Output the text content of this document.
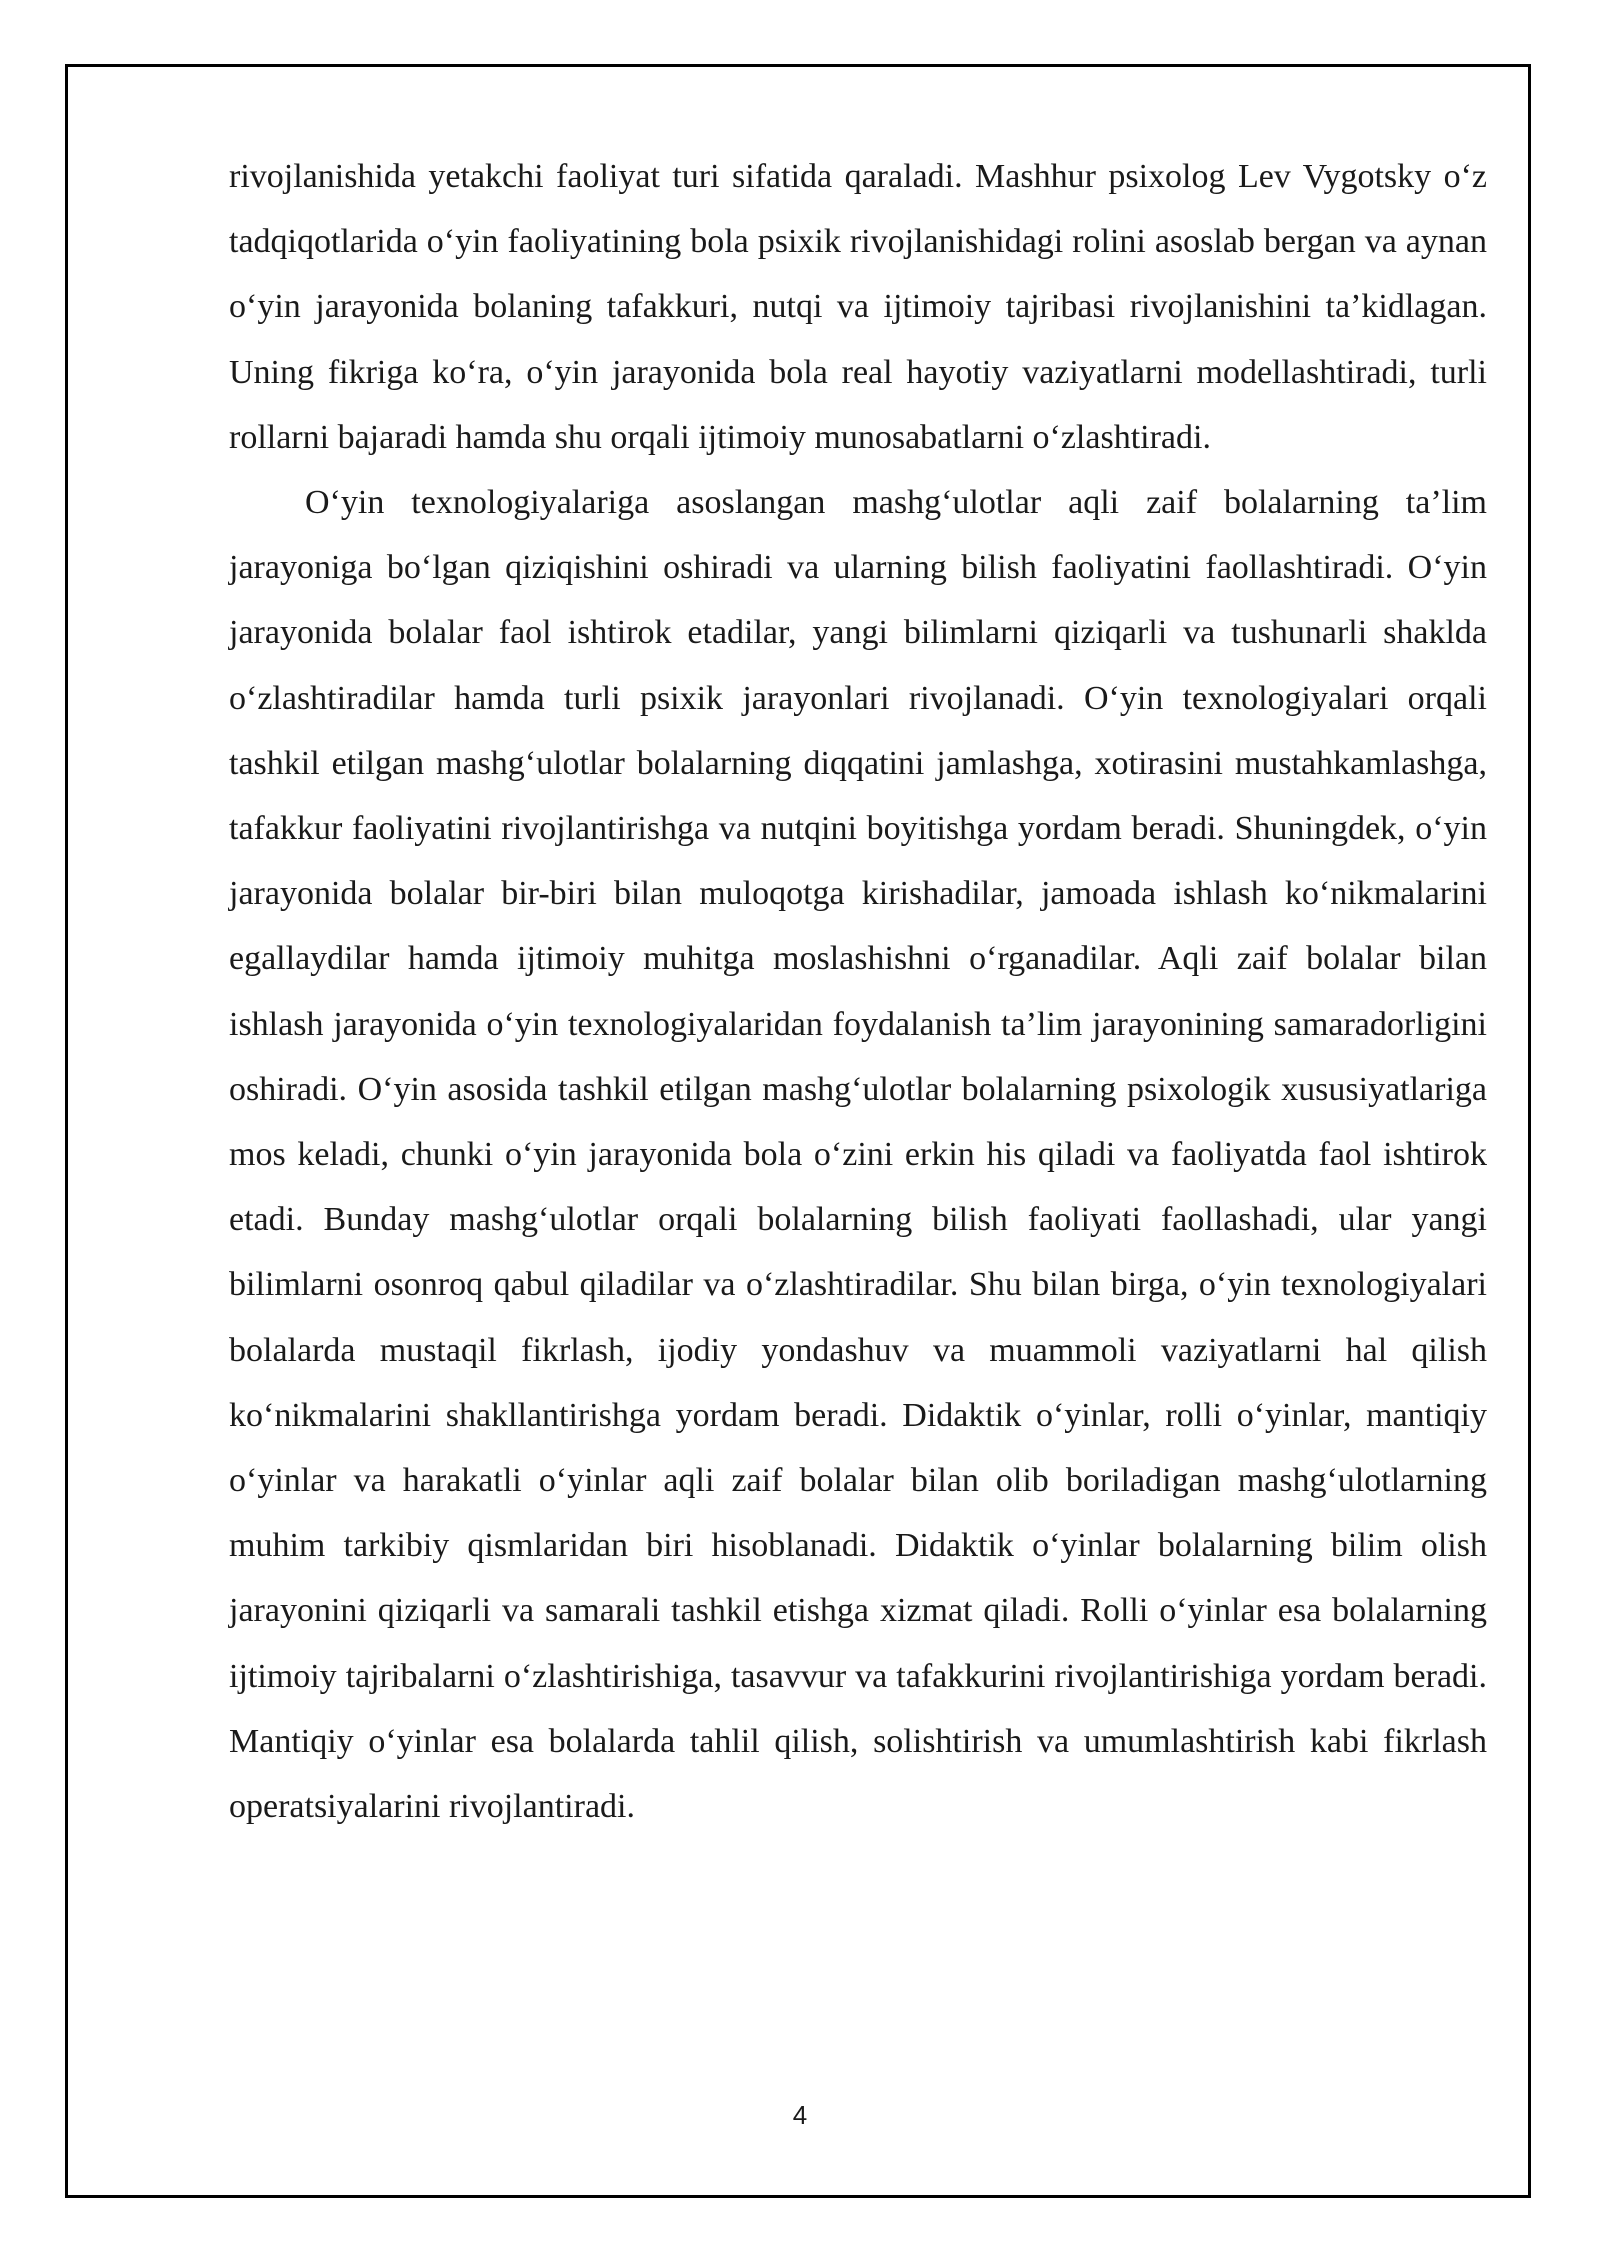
rivojlanishida yetakchi faoliyat turi sifatida qaraladi. Mashhur psixolog Lev Vygotsky o‘z tadqiqotlarida o‘yin faoliyatining bola psixik rivojlanishidagi rolini asoslab bergan va aynan o‘yin jarayonida bolaning tafakkuri, nutqi va ijtimoiy tajribasi rivojlanishini ta’kidlagan. Uning fikriga ko‘ra, o‘yin jarayonida bola real hayotiy vaziyatlarni modellashtiradi, turli rollarni bajaradi hamda shu orqali ijtimoiy munosabatlarni o‘zlashtiradi.

O‘yin texnologiyalariga asoslangan mashg‘ulotlar aqli zaif bolalarning ta’lim jarayoniga bo‘lgan qiziqishini oshiradi va ularning bilish faoliyatini faollashtiradi. O‘yin jarayonida bolalar faol ishtirok etadilar, yangi bilimlarni qiziqarli va tushunarli shaklda o‘zlashtiradilar hamda turli psixik jarayonlari rivojlanadi. O‘yin texnologiyalari orqali tashkil etilgan mashg‘ulotlar bolalarning diqqatini jamlashga, xotirasini mustahkamlashga, tafakkur faoliyatini rivojlantirishga va nutqini boyitishga yordam beradi. Shuningdek, o‘yin jarayonida bolalar bir-biri bilan muloqotga kirishadilar, jamoada ishlash ko‘nikmalarini egallaydilar hamda ijtimoiy muhitga moslashishni o‘rganadilar. Aqli zaif bolalar bilan ishlash jarayonida o‘yin texnologiyalaridan foydalanish ta’lim jarayonining samaradorligini oshiradi. O‘yin asosida tashkil etilgan mashg‘ulotlar bolalarning psixologik xususiyatlariga mos keladi, chunki o‘yin jarayonida bola o‘zini erkin his qiladi va faoliyatda faol ishtirok etadi. Bunday mashg‘ulotlar orqali bolalarning bilish faoliyati faollashadi, ular yangi bilimlarni osonroq qabul qiladilar va o‘zlashtiradilar. Shu bilan birga, o‘yin texnologiyalari bolalarda mustaqil fikrlash, ijodiy yondashuv va muammoli vaziyatlarni hal qilish ko‘nikmalarini shakllantirishga yordam beradi. Didaktik o‘yinlar, rolli o‘yinlar, mantiqiy o‘yinlar va harakatli o‘yinlar aqli zaif bolalar bilan olib boriladigan mashg‘ulotlarning muhim tarkibiy qismlaridan biri hisoblanadi. Didaktik o‘yinlar bolalarning bilim olish jarayonini qiziqarli va samarali tashkil etishga xizmat qiladi. Rolli o‘yinlar esa bolalarning ijtimoiy tajribalarni o‘zlashtirishiga, tasavvur va tafakkurini rivojlantirishiga yordam beradi. Mantiqiy o‘yinlar esa bolalarda tahlil qilish, solishtirish va umumlashtirish kabi fikrlash operatsiyalarini rivojlantiradi.

4
